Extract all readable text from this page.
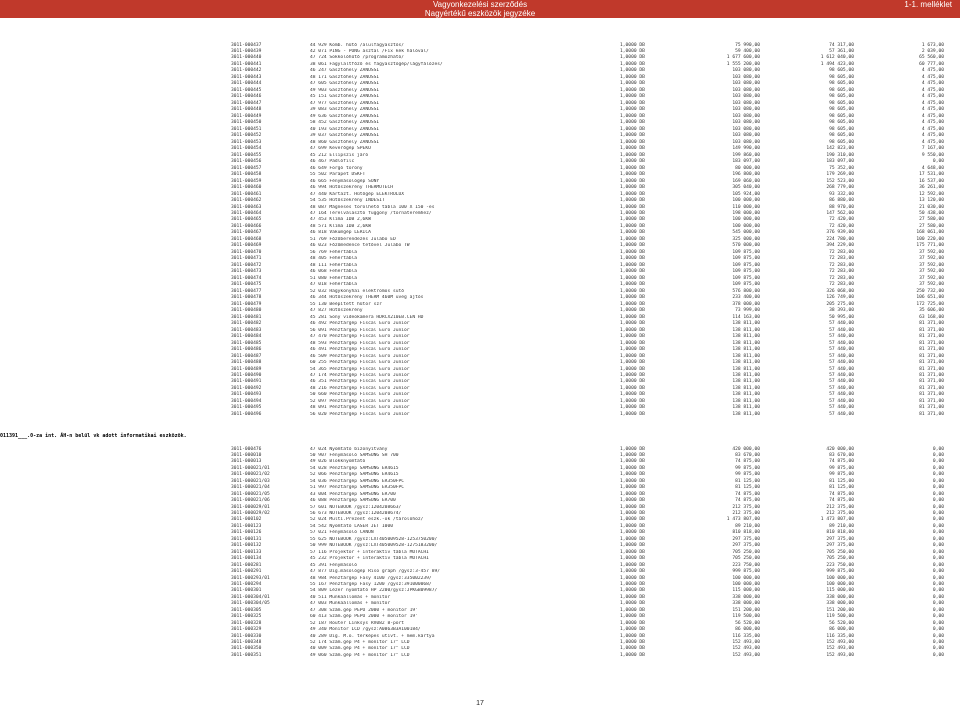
Vagyonkezelési szerződés
Nagyértékű eszközök jegyzéke
1-1. melléklet
3011-000437	44 929 Komb. hűtő /alulfagyasztós/	1,0000 DB	75 990,00	74 317,00	1 673,00
3011-000439	42 071 PING - PONG asztal /Fix kék hálóval/	1,0000 DB	59 400,00	57 361,00	2 039,00
3011-000440	47 724 Sokkolóhűtő /programozható/	1,0000 DB	1 677 600,00	1 612 040,00	65 560,00
3011-000441	38 061 Fagylaltfőző és fagyasztógép/lágyfálózes/	1,0000 DB	1 555 200,00	1 494 423,00	60 777,00
3011-000442	46 247 Gasztóhely ZANUSSI	1,0000 DB	103 080,00	98 605,00	4 475,00
3011-000443	48 171 Gasztóhely ZANUSSI	1,0000 DB	103 080,00	98 605,00	4 475,00
3011-000444	47 605 Gasztóhely ZANUSSI	1,0000 DB	103 080,00	98 605,00	4 475,00
3011-000445	49 903 Gasztóhely ZANUSSI	1,0000 DB	103 080,00	98 605,00	4 475,00
3011-000446	45 151 Gasztóhely ZANUSSI	1,0000 DB	103 080,00	98 605,00	4 475,00
3011-000447	47 977 Gasztóhely ZANUSSI	1,0000 DB	103 080,00	98 605,00	4 475,00
3011-000448	39 083 Gasztóhely ZANUSSI	1,0000 DB	103 080,00	98 605,00	4 475,00
3011-000449	49 636 Gasztóhely ZANUSSI	1,0000 DB	103 080,00	98 605,00	4 475,00
3011-000450	58 452 Gasztóhely ZANUSSI	1,0000 DB	103 080,00	98 605,00	4 475,00
3011-000451	40 193 Gasztóhely ZANUSSI	1,0000 DB	103 080,00	98 605,00	4 475,00
3011-000452	39 037 Gasztóhely ZANUSSI	1,0000 DB	103 080,00	98 605,00	4 475,00
3011-000453	48 860 Gasztóhely ZANUSSI	1,0000 DB	103 080,00	98 605,00	4 475,00
3011-000454	47 699 Keverőgép SPEKO	1,0000 DB	149 990,00	142 823,00	7 167,00
3011-000455	45 212 Ellipszis járó	1,0000 DB	199 860,00	190 310,00	9 550,00
3011-000456	46 467 Padlófilc	1,0000 DB	183 097,00	183 097,00	0,00
3011-000457	46 649 Forgó torony	1,0000 DB	80 000,00	75 352,00	4 648,00
3011-000458	55 502 Parapet DSKFT	1,0000 DB	196 800,00	179 269,00	17 531,00
3011-000459	46 665 Fénymásológép SONY	1,0000 DB	169 060,00	152 523,00	16 537,00
3011-000460	46 994 Hűtőszekrény THERMOTECH	1,0000 DB	305 040,00	268 779,00	36 261,00
3011-000461	47 440 Kártazt. Hűtőgép ELEKTROLUX	1,0000 DB	105 924,00	93 332,00	12 592,00
3011-000462	54 535 Hűtőszekrény INDESIT	1,0000 DB	100 000,00	86 880,00	13 120,00
3011-000463	48 087 Mágneses törölhető tábla 100 X 150 -es	1,0000 DB	110 000,00	88 970,00	21 030,00
3011-000464	47 164 Térelválasztó függöny /tornateremhez/	1,0000 DB	198 000,00	147 562,00	50 438,00
3011-000465	47 453 Klíma IDB 2,6KW	1,0000 DB	100 000,00	72 420,00	27 580,00
3011-000466	48 571 Klíma IDB 2,6KW	1,0000 DB	100 000,00	72 420,00	27 580,00
3011-000467	46 818 Vakumgép LERICA	1,0000 DB	545 000,00	376 939,00	168 061,00
3011-000468	51 769 Főzőberendezés Julabo ED	1,0000 DB	325 000,00	224 780,00	100 220,00
3011-000469	46 023 Főzőmedence tetővel Julabo TW	1,0000 DB	570 000,00	394 229,00	175 771,00
3011-000470	56 769 Fehértábla	1,0000 DB	109 875,00	72 283,00	37 592,00
3011-000471	48 405 Fehértábla	1,0000 DB	109 875,00	72 283,00	37 592,00
3011-000472	48 111 Fehértábla	1,0000 DB	109 875,00	72 283,00	37 592,00
3011-000473	46 068 Fehértábla	1,0000 DB	109 875,00	72 283,00	37 592,00
3011-000474	51 080 Fehértábla	1,0000 DB	109 875,00	72 283,00	37 592,00
3011-000475	47 018 Fehértábla	1,0000 DB	109 875,00	72 283,00	37 592,00
3011-000477	52 032 Hagykonyhai elektromos sütő	1,0000 DB	576 800,00	326 068,00	250 732,00
3011-000478	46 344 Hűtőszekrény THERM 460M üveg ajtós	1,0000 DB	233 400,00	126 749,00	106 651,00
3011-000479	55 130 Beépített hűtor szr	1,0000 DB	378 000,00	205 275,00	172 725,00
3011-000480	47 827 Hűtőszekrény	1,0000 DB	73 999,00	38 393,00	35 606,00
3011-000481	45 281 Sony videokamera HDRCX210EB.CEN HD	1,0000 DB	114 163,00	50 995,00	63 168,00
3011-000482	46 492 Pénztárgép Fiscal Euro Junior	1,0000 DB	138 811,00	57 440,00	81 371,00
3011-000483	56 091 Pénztárgép Fiscal Euro Junior	1,0000 DB	138 811,00	57 440,00	81 371,00
3011-000484	47 470 Pénztárgép Fiscal Euro Junior	1,0000 DB	138 811,00	57 440,00	81 371,00
3011-000485	48 593 Pénztárgép Fiscal Euro Junior	1,0000 DB	138 811,00	57 440,00	81 371,00
3011-000486	46 491 Pénztárgép Fiscal Euro Junior	1,0000 DB	138 811,00	57 440,00	81 371,00
3011-000487	46 509 Pénztárgép Fiscal Euro Junior	1,0000 DB	138 811,00	57 440,00	81 371,00
3011-000488	60 255 Pénztárgép Fiscal Euro Junior	1,0000 DB	138 811,00	57 440,00	81 371,00
3011-000489	54 365 Pénztárgép Fiscal Euro Junior	1,0000 DB	138 811,00	57 440,00	81 371,00
3011-000490	47 174 Pénztárgép Fiscal Euro Junior	1,0000 DB	138 811,00	57 440,00	81 371,00
3011-000491	46 351 Pénztárgép Fiscal Euro Junior	1,0000 DB	138 811,00	57 440,00	81 371,00
3011-000492	48 216 Pénztárgép Fiscal Euro Junior	1,0000 DB	138 811,00	57 440,00	81 371,00
3011-000493	50 660 Pénztárgép Fiscal Euro Junior	1,0000 DB	138 811,00	57 440,00	81 371,00
3011-000494	52 097 Pénztárgép Fiscal Euro Junior	1,0000 DB	138 811,00	57 440,00	81 371,00
3011-000495	48 091 Pénztárgép Fiscal Euro Junior	1,0000 DB	138 811,00	57 440,00	81 371,00
3011-000496	56 020 Pénztárgép Fiscal Euro Junior	1,0000 DB	138 811,00	57 440,00	81 371,00
011391___.0-za int. ÁH-n belül vk adott informatikai eszközök.
3011-000476	47 024 Nyomtató bizonyítvány	1,0000 DB	420 000,00	420 000,00	0,00
3011-000010	50 907 Fénymásoló SAMSUNG SH 700	1,0000 DB	83 670,00	83 670,00	0,00
3011-000013	49 026 Blokknyomtató	1,0000 DB	74 875,00	74 875,00	0,00
3011-000021/01	54 028 Pénztárgép SAMSUNG ER4615	1,0000 DB	99 875,00	99 875,00	0,00
3011-000021/02	52 066 Pénztárgép SAMSUNG ER4615	1,0000 DB	99 875,00	99 875,00	0,00
3011-000021/03	54 036 Pénztárgép SAMSUNG ER350FPC	1,0000 DB	81 125,00	81 125,00	0,00
3011-000021/04	51 997 Pénztárgép SAMSUNG ER350FPC	1,0000 DB	81 125,00	81 125,00	0,00
3011-000021/05	43 004 Pénztárgép SAMSUNG ER700	1,0000 DB	74 875,00	74 875,00	0,00
3011-000021/06	46 088 Pénztárgép SAMSUNG ER700	1,0000 DB	74 875,00	74 875,00	0,00
3011-000029/01	57 601 NOTEBOOK /gysz:1204208663/	1,0000 DB	212 375,00	212 375,00	0,00
3011-000029/02	56 673 NOTEBOOK /gysz:1204208674/	1,0000 DB	212 375,00	212 375,00	0,00
3011-000102	52 024 Multi.Prezent eszk.-ök /tárolóhoz/	1,0000 DB	1 473 807,00	1 473 807,00	0,00
3011-000123	54 542 Nyomtató LASER JET 1000	1,0000 DB	89 210,00	89 210,00	0,00
3011-000126	57 021 Fénymásoló CANON	1,0000 DB	810 818,00	810 818,00	0,00
3011-000131	55 625 NOTEBOOK /gysz:LXT405009528-1253750200/	1,0000 DB	297 375,00	297 375,00	0,00
3011-000132	50 999 NOTEBOOK /gysz:LXT405009528-1275183200/	1,0000 DB	297 375,00	297 375,00	0,00
3011-000133	57 116 Projektor + interaktív tábla MUTACHI	1,0000 DB	705 250,00	705 250,00	0,00
3011-000134	45 232 Projektor + interaktív tábla MUTACHI	1,0000 DB	705 250,00	705 250,00	0,00
3011-000281	45 391 Fénymásoló	1,0000 DB	223 750,00	223 750,00	0,00
3011-000291	47 877 Dig.másológép Riso graph /gysz:3-457 89/	1,0000 DB	999 875,00	999 875,00	0,00
3011-000293/01	48 984 Pénztárgép Fasy 4100 /gysz:335002239/	1,0000 DB	100 000,00	100 000,00	0,00
3011-000294	55 167 Pénztárgép Fasy 1200 /gysz:391000068/	1,0000 DB	100 000,00	100 000,00	0,00
3011-000301	54 809 Lézer nyomtató HP 2200/gysz:JPKGB09987/	1,0000 DB	115 000,00	115 000,00	0,00
3011-000304/01	40 511 Munkaállomás + monitor	1,0000 DB	338 000,00	338 000,00	0,00
3011-000304/05	47 003 Munkaállomás + monitor	1,0000 DB	338 000,00	338 000,00	0,00
3011-000305	47 308 Szám.gép PEPO 2000 + monitor 19'	1,0000 DB	151 200,00	151 200,00	0,00
3011-000325	60 413 Szám.gép PEPO 2000 + monitor 19'	1,0000 DB	119 500,00	119 500,00	0,00
3011-000328	52 187 Router Linksys RV082 8-port	1,0000 DB	56 520,00	56 520,00	0,00
3011-000329	49 340 Monitor LCD /gysz:A0863B3A100184/	1,0000 DB	86 000,00	86 000,00	0,00
3011-000330	40 289 Dig. M.o. térképes utivt. + mem.kártya	1,0000 DB	116 335,00	116 335,00	0,00
3011-000348	52 174 Szám.gép P4 + monitor 17" LCD	1,0000 DB	152 493,00	152 493,00	0,00
3011-000350	40 009 Szám.gép P4 + monitor 17" LCD	1,0000 DB	152 493,00	152 493,00	0,00
3011-000351	49 060 Szám.gép P4 + monitor 17" LCD	1,0000 DB	152 493,00	152 493,00	0,00
17
